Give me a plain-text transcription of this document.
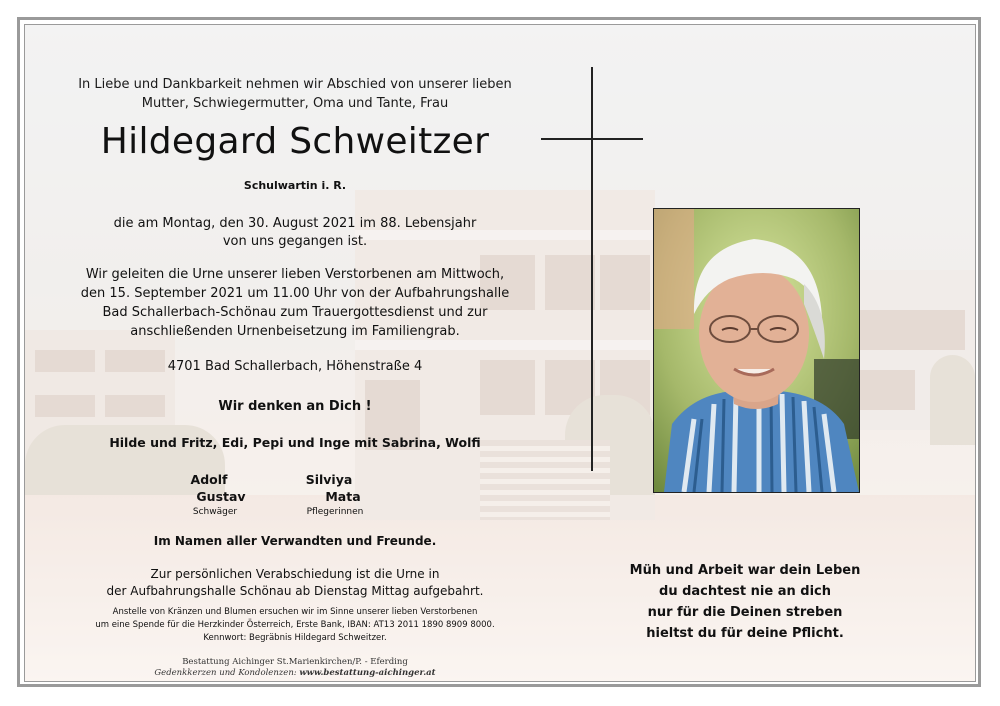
In Liebe und Dankbarkeit nehmen wir Abschied von unserer lieben
Mutter, Schwiegermutter, Oma und Tante, Frau
Hildegard Schweitzer
Schulwartin i. R.
die am Montag, den 30. August 2021 im 88. Lebensjahr
von uns gegangen ist.
Wir geleiten die Urne unserer lieben Verstorbenen am Mittwoch,
den 15. September 2021 um 11.00 Uhr von der Aufbahrungshalle
Bad Schallerbach-Schönau zum Trauergottesdienst und zur
anschließenden Urnenbeisetzung im Familiengrab.
4701 Bad Schallerbach, Höhenstraße 4
Wir denken an Dich !
Hilde und Fritz, Edi, Pepi und Inge mit Sabrina, Wolfi
Adolf
Gustav
Schwäger
Silviya
Mata
Pflegerinnen
Im Namen aller Verwandten und Freunde.
Zur persönlichen Verabschiedung ist die Urne in
der Aufbahrungshalle Schönau ab Dienstag Mittag aufgebahrt.
Anstelle von Kränzen und Blumen ersuchen wir im Sinne unserer lieben Verstorbenen
um eine Spende für die Herzkinder Österreich, Erste Bank, IBAN: AT13 2011 1890 8909 8000.
Kennwort: Begräbnis Hildegard Schweitzer.
Bestattung Aichinger St.Marienkirchen/P. - Eferding
Gedenkkerzen und Kondolenzen: www.bestattung-aichinger.at
Müh und Arbeit war dein Leben
du dachtest nie an dich
nur für die Deinen streben
hieltst du für deine Pflicht.
